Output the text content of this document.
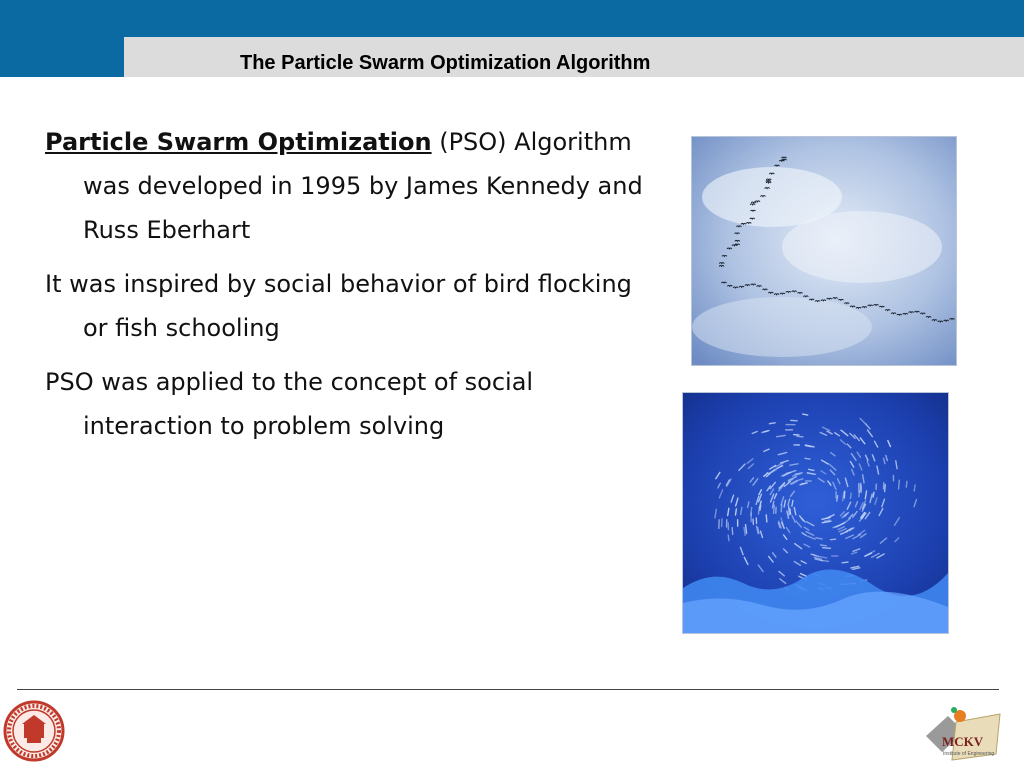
The Particle Swarm Optimization Algorithm

Particle Swarm Optimization (PSO) Algorithm was developed in 1995 by James Kennedy and Russ Eberhart

It was inspired by social behavior of bird flocking or fish schooling

PSO was applied to the concept of social interaction to problem solving

MCKV
Institute of Engineering
